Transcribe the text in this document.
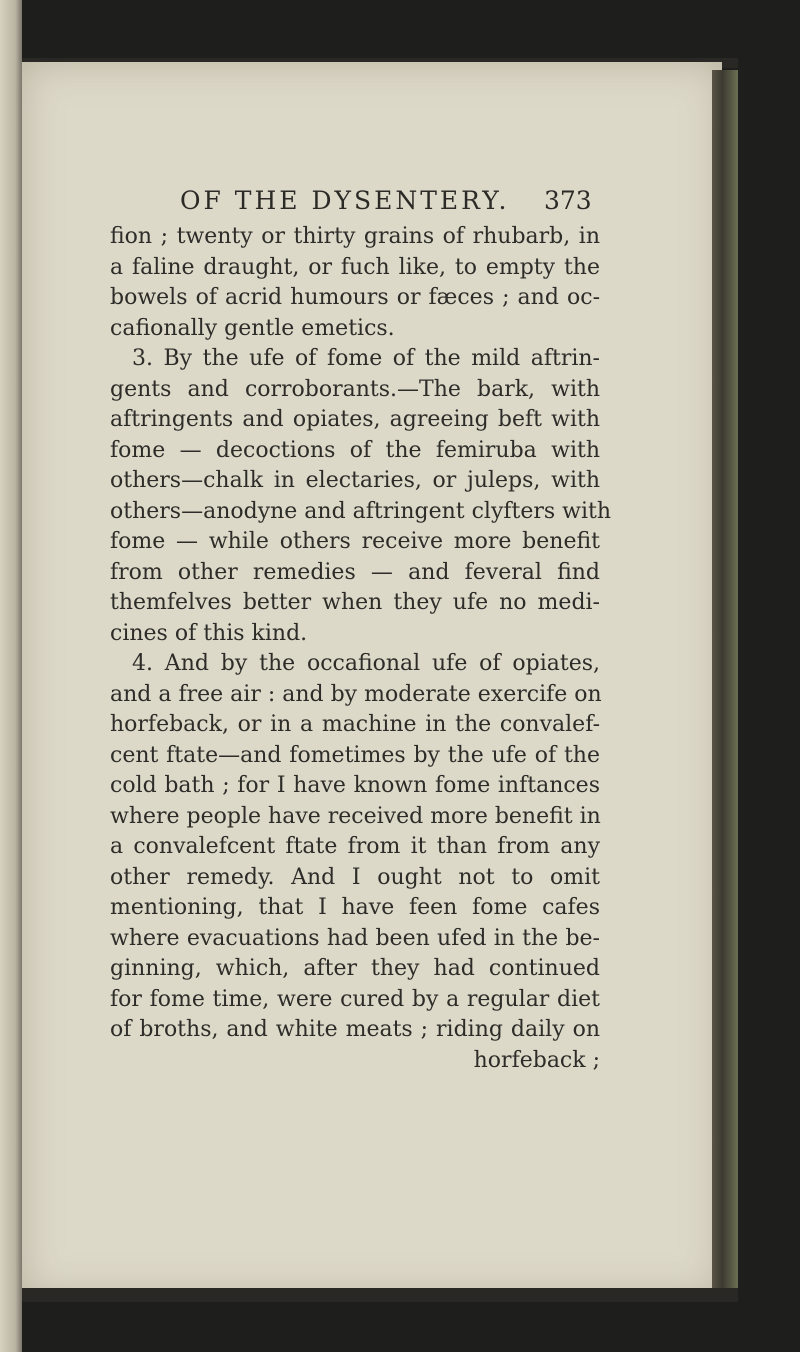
OF THE DYSENTERY. 373
fion ; twenty or thirty grains of rhubarb, in
a faline draught, or fuch like, to empty the
bowels of acrid humours or fæces ; and oc-
cafionally gentle emetics.
3. By the ufe of fome of the mild aftrin-
gents and corroborants.—The bark, with
aftringents and opiates, agreeing beft with
fome — decoctions of the femiruba with
others—chalk in electaries, or juleps, with
others—anodyne and aftringent clyfters with
fome — while others receive more benefit
from other remedies — and feveral find
themfelves better when they ufe no medi-
cines of this kind.
4. And by the occafional ufe of opiates,
and a free air : and by moderate exercife on
horfeback, or in a machine in the convalef-
cent ftate—and fometimes by the ufe of the
cold bath ; for I have known fome inftances
where people have received more benefit in
a convalefcent ftate from it than from any
other remedy. And I ought not to omit
mentioning, that I have feen fome cafes
where evacuations had been ufed in the be-
ginning, which, after they had continued
for fome time, were cured by a regular diet
of broths, and white meats ; riding daily on
horfeback ;
